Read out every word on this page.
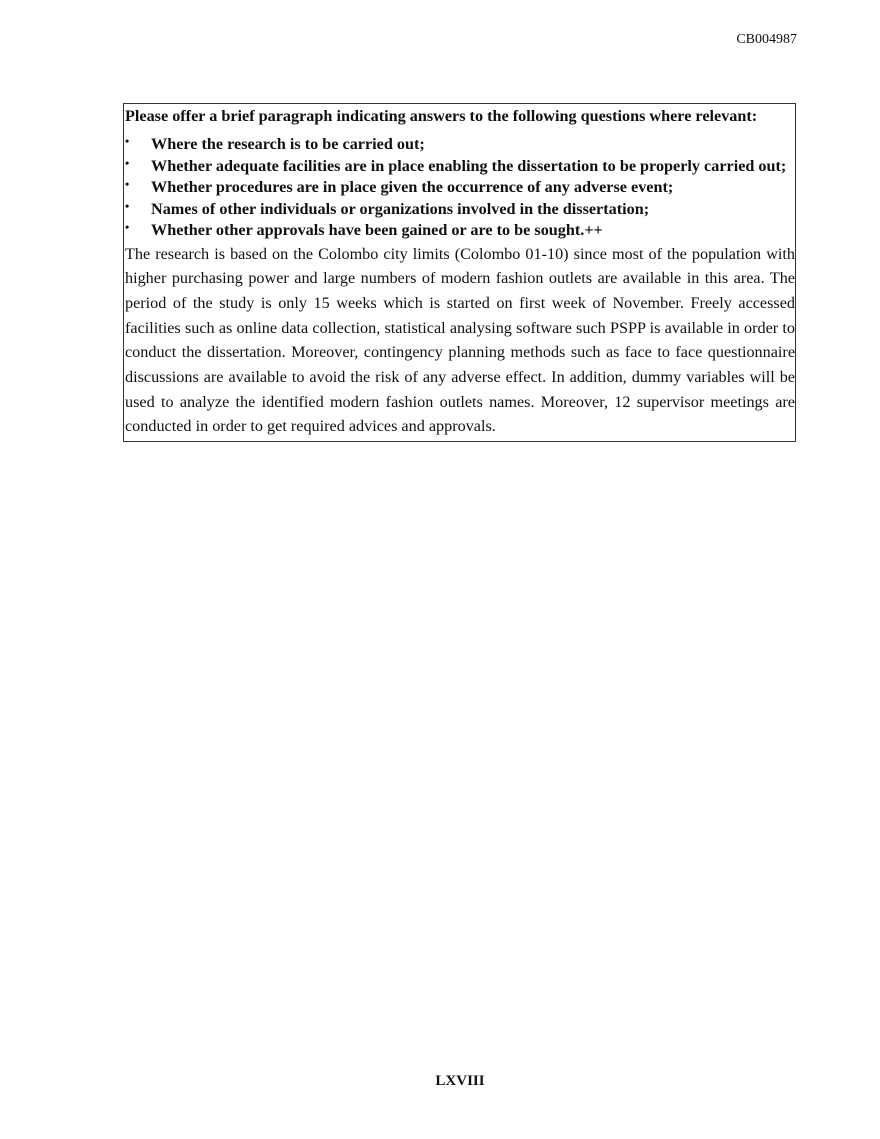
CB004987

Please offer a brief paragraph indicating answers to the following questions where relevant:

• Where the research is to be carried out;
• Whether adequate facilities are in place enabling the dissertation to be properly carried out;
• Whether procedures are in place given the occurrence of any adverse event;
• Names of other individuals or organizations involved in the dissertation;
• Whether other approvals have been gained or are to be sought.++

The research is based on the Colombo city limits (Colombo 01-10) since most of the population with higher purchasing power and large numbers of modern fashion outlets are available in this area. The period of the study is only 15 weeks which is started on first week of November. Freely accessed facilities such as online data collection, statistical analysing software such PSPP is available in order to conduct the dissertation. Moreover, contingency planning methods such as face to face questionnaire discussions are available to avoid the risk of any adverse effect. In addition, dummy variables will be used to analyze the identified modern fashion outlets names. Moreover, 12 supervisor meetings are conducted in order to get required advices and approvals.

LXVIII
